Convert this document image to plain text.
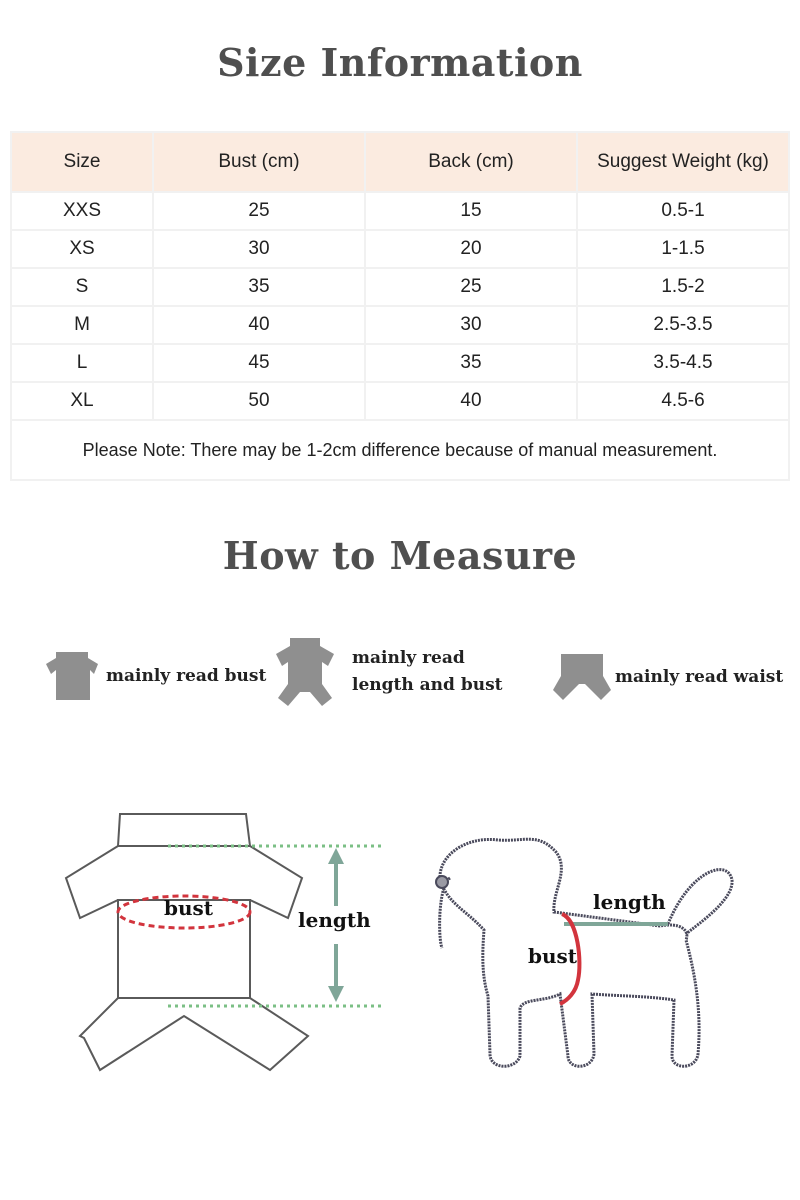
Size Information
Size	Bust (cm)	Back (cm)	Suggest Weight (kg)
XXS	25	15	0.5-1
XS	30	20	1-1.5
S	35	25	1.5-2
M	40	30	2.5-3.5
L	45	35	3.5-4.5
XL	50	40	4.5-6
Please Note: There may be 1-2cm difference because of manual measurement.			
How to Measure
mainly read bust
mainly read
length and bust	mainly read waist
bust	length
length
bust
